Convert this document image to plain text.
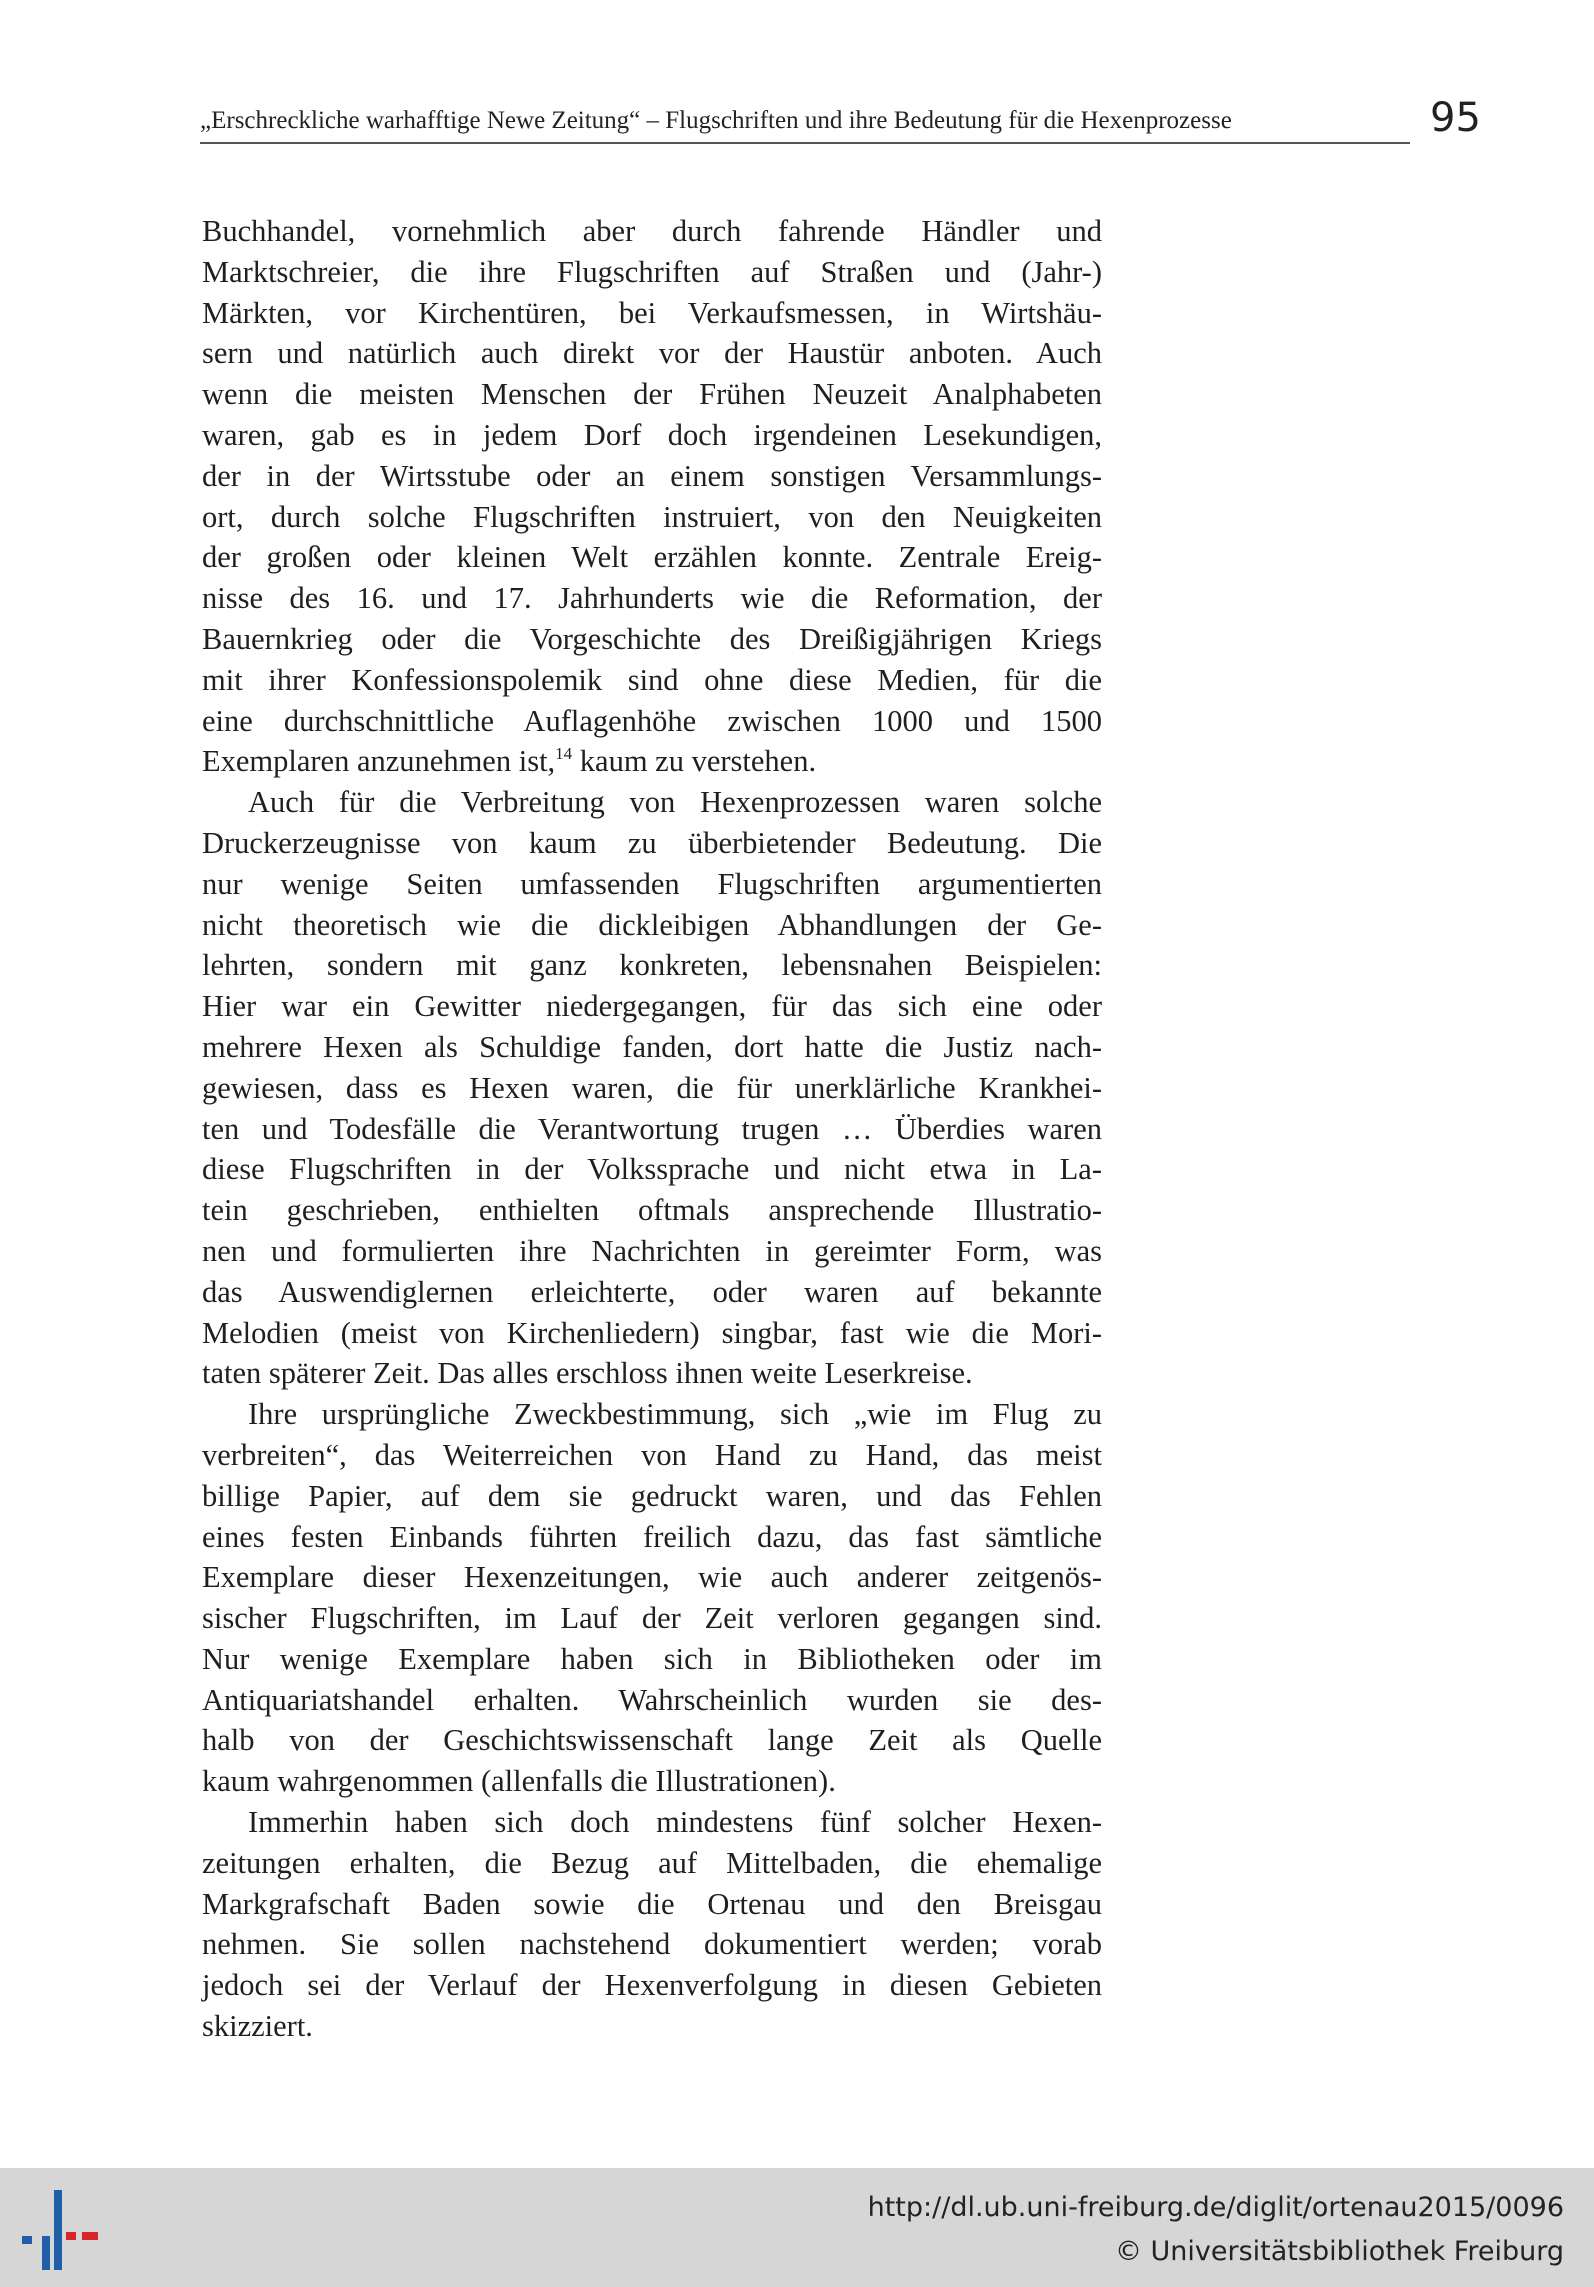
„Erschreckliche warhafftige Newe Zeitung“ – Flugschriften und ihre Bedeutung für die Hexenprozesse	95
Buchhandel, vornehmlich aber durch fahrende Händler und
Marktschreier, die ihre Flugschriften auf Straßen und (Jahr-)
Märkten, vor Kirchentüren, bei Verkaufsmessen, in Wirtshäu-
sern und natürlich auch direkt vor der Haustür anboten. Auch
wenn die meisten Menschen der Frühen Neuzeit Analphabeten
waren, gab es in jedem Dorf doch irgendeinen Lesekundigen,
der in der Wirtsstube oder an einem sonstigen Versammlungs-
ort, durch solche Flugschriften instruiert, von den Neuigkeiten
der großen oder kleinen Welt erzählen konnte. Zentrale Ereig-
nisse des 16. und 17. Jahrhunderts wie die Reformation, der
Bauernkrieg oder die Vorgeschichte des Dreißigjährigen Kriegs
mit ihrer Konfessionspolemik sind ohne diese Medien, für die
eine durchschnittliche Auflagenhöhe zwischen 1000 und 1500
Exemplaren anzunehmen ist,$^{14}$ kaum zu verstehen.
Auch für die Verbreitung von Hexenprozessen waren solche
Druckerzeugnisse von kaum zu überbietender Bedeutung. Die
nur wenige Seiten umfassenden Flugschriften argumentierten
nicht theoretisch wie die dickleibigen Abhandlungen der Ge-
lehrten, sondern mit ganz konkreten, lebensnahen Beispielen:
Hier war ein Gewitter niedergegangen, für das sich eine oder
mehrere Hexen als Schuldige fanden, dort hatte die Justiz nach-
gewiesen, dass es Hexen waren, die für unerklärliche Krankhei-
ten und Todesfälle die Verantwortung trugen … Überdies waren
diese Flugschriften in der Volkssprache und nicht etwa in La-
tein geschrieben, enthielten oftmals ansprechende Illustratio-
nen und formulierten ihre Nachrichten in gereimter Form, was
das Auswendiglernen erleichterte, oder waren auf bekannte
Melodien (meist von Kirchenliedern) singbar, fast wie die Mori-
taten späterer Zeit. Das alles erschloss ihnen weite Leserkreise.
Ihre ursprüngliche Zweckbestimmung, sich „wie im Flug zu
verbreiten“, das Weiterreichen von Hand zu Hand, das meist
billige Papier, auf dem sie gedruckt waren, und das Fehlen
eines festen Einbands führten freilich dazu, das fast sämtliche
Exemplare dieser Hexenzeitungen, wie auch anderer zeitgenös-
sischer Flugschriften, im Lauf der Zeit verloren gegangen sind.
Nur wenige Exemplare haben sich in Bibliotheken oder im
Antiquariatshandel erhalten. Wahrscheinlich wurden sie des-
halb von der Geschichtswissenschaft lange Zeit als Quelle
kaum wahrgenommen (allenfalls die Illustrationen).
Immerhin haben sich doch mindestens fünf solcher Hexen-
zeitungen erhalten, die Bezug auf Mittelbaden, die ehemalige
Markgrafschaft Baden sowie die Ortenau und den Breisgau
nehmen. Sie sollen nachstehend dokumentiert werden; vorab
jedoch sei der Verlauf der Hexenverfolgung in diesen Gebieten
skizziert.
http://dl.ub.uni-freiburg.de/diglit/ortenau2015/0096
© Universitätsbibliothek Freiburg
